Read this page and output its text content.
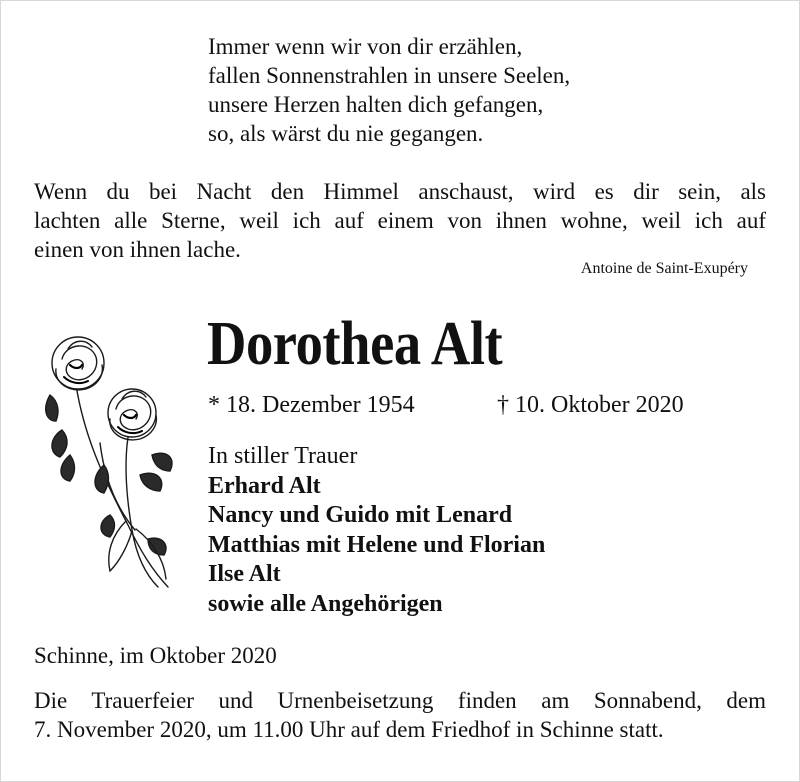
Immer wenn wir von dir erzählen,
fallen Sonnenstrahlen in unsere Seelen,
unsere Herzen halten dich gefangen,
so, als wärst du nie gegangen.
Wenn du bei Nacht den Himmel anschaust, wird es dir sein, als
lachten alle Sterne, weil ich auf einem von ihnen wohne, weil ich auf
einen von ihnen lache.
Antoine de Saint-Exupéry
Dorothea Alt
* 18. Dezember 1954	† 10. Oktober 2020
In stiller Trauer
Erhard Alt
Nancy und Guido mit Lenard
Matthias mit Helene und Florian
Ilse Alt
sowie alle Angehörigen
Schinne, im Oktober 2020
Die Trauerfeier und Urnenbeisetzung finden am Sonnabend, dem
7. November 2020, um 11.00 Uhr auf dem Friedhof in Schinne statt.
